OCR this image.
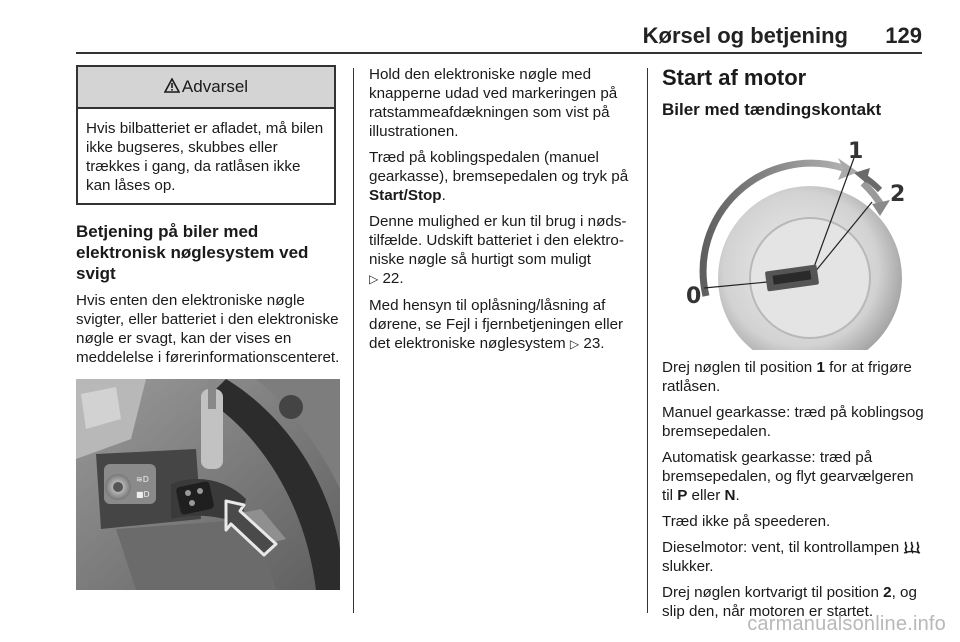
Kørsel og betjening 129
Advarsel

Hvis bilbatteriet er afladet, må bilen ikke bugseres, skubbes eller trækkes i gang, da ratlåsen ikke kan låses op.

Betjening på biler med elektronisk nøglesystem ved svigt

Hvis enten den elektroniske nøgle svigter, eller batteriet i den elektroniske nøgle er svagt, kan der vises en meddelelse i førerinformationscenteret.

≋D
■D

Hold den elektroniske nøgle med knapperne udad ved markeringen på ratstammeafdækningen som vist på illustrationen.

Træd på koblingspedalen (manuel gearkasse), bremsepedalen og tryk på Start/Stop.

Denne mulighed er kun til brug i nødstilfælde. Udskift batteriet i den elektroniske nøgle så hurtigt som muligt
▷ 22.

Med hensyn til oplåsning/låsning af dørene, se Fejl i fjernbetjeningen eller det elektroniske nøglesystem ▷ 23.

Start af motor
Biler med tændingskontakt
0
1
2

Drej nøglen til position 1 for at frigøre ratlåsen.

Manuel gearkasse: træd på koblingsog bremsepedalen.

Automatisk gearkasse: træd på bremsepedalen, og flyt gearvælgeren til P eller N.

Træd ikke på speederen.

Dieselmotor: vent, til kontrollampen  slukker.

Drej nøglen kortvarigt til position 2, og slip den, når motoren er startet.

carmanualsonline.info
